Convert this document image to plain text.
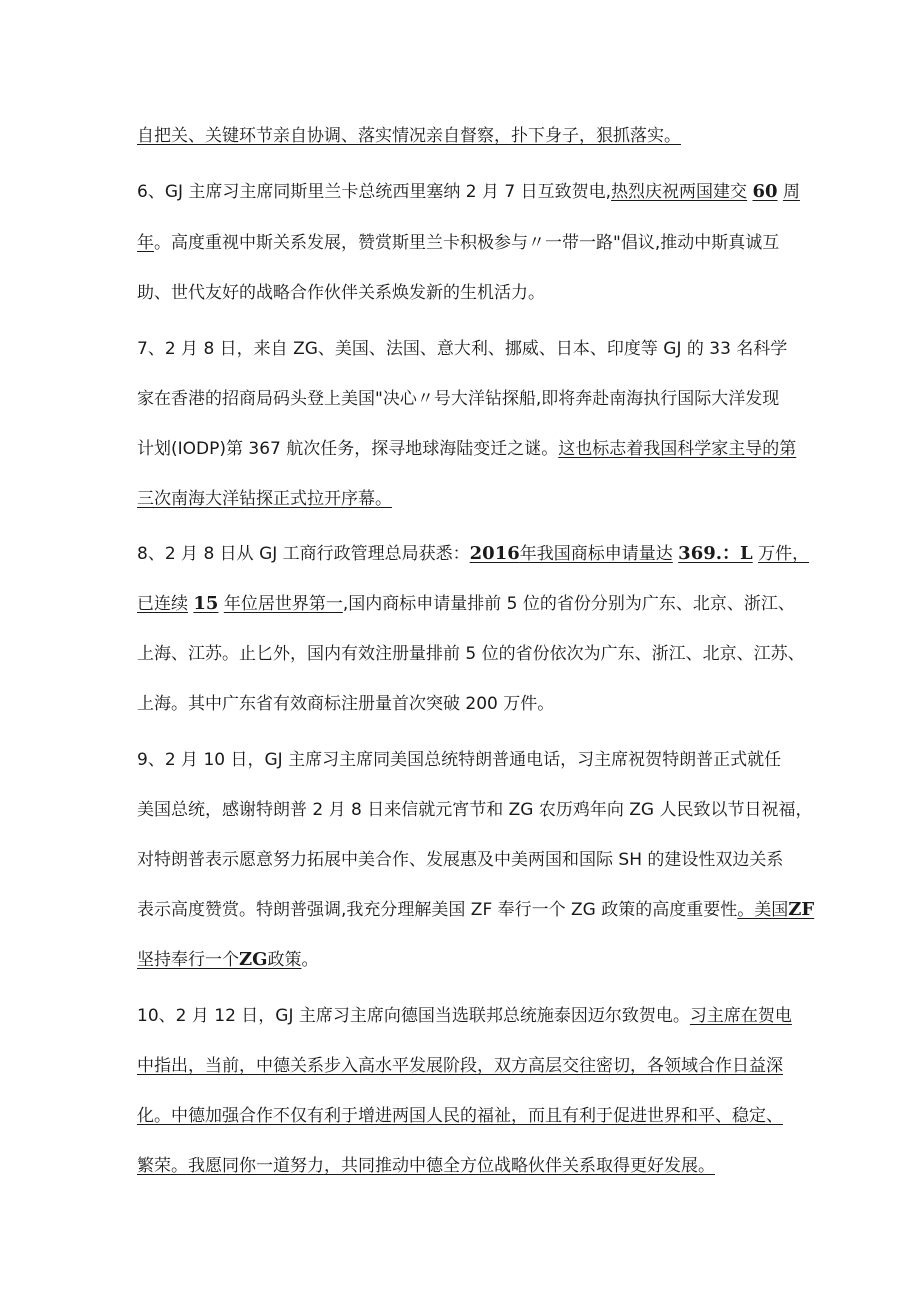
自把关、关键环节亲自协调、落实情况亲自督察，扑下身子，狠抓落实。
6、GJ 主席习主席同斯里兰卡总统西里塞纳 2 月 7 日互致贺电,热烈庆祝两国建交 60 周
年。高度重视中斯关系发展，赞赏斯里兰卡积极参与〃一带一路"倡议,推动中斯真诚互
助、世代友好的战略合作伙伴关系焕发新的生机活力。
7、2 月 8 日，来自 ZG、美国、法国、意大利、挪威、日本、印度等 GJ 的 33 名科学
家在香港的招商局码头登上美国"决心〃号大洋钻探船,即将奔赴南海执行国际大洋发现
计划(IODP)第 367 航次任务，探寻地球海陆变迁之谜。这也标志着我国科学家主导的第
三次南海大洋钻探正式拉开序幕。
8、2 月 8 日从 GJ 工商行政管理总局获悉：2016年我国商标申请量达 369.：L 万件，
已连续 15 年位居世界第一,国内商标申请量排前 5 位的省份分别为广东、北京、浙江、
上海、江苏。止匕外，国内有效注册量排前 5 位的省份依次为广东、浙江、北京、江苏、
上海。其中广东省有效商标注册量首次突破 200 万件。
9、2 月 10 日，GJ 主席习主席同美国总统特朗普通电话，习主席祝贺特朗普正式就任
美国总统，感谢特朗普 2 月 8 日来信就元宵节和 ZG 农历鸡年向 ZG 人民致以节日祝福，
对特朗普表示愿意努力拓展中美合作、发展惠及中美两国和国际 SH 的建设性双边关系
表示高度赞赏。特朗普强调,我充分理解美国 ZF 奉行一个 ZG 政策的高度重要性。美国ZF
坚持奉行一个ZG政策。
10、2 月 12 日，GJ 主席习主席向德国当选联邦总统施泰因迈尔致贺电。习主席在贺电
中指出，当前，中德关系步入高水平发展阶段，双方高层交往密切，各领域合作日益深
化。中德加强合作不仅有利于增进两国人民的福祉，而且有利于促进世界和平、稳定、
繁荣。我愿同你一道努力，共同推动中德全方位战略伙伴关系取得更好发展。
